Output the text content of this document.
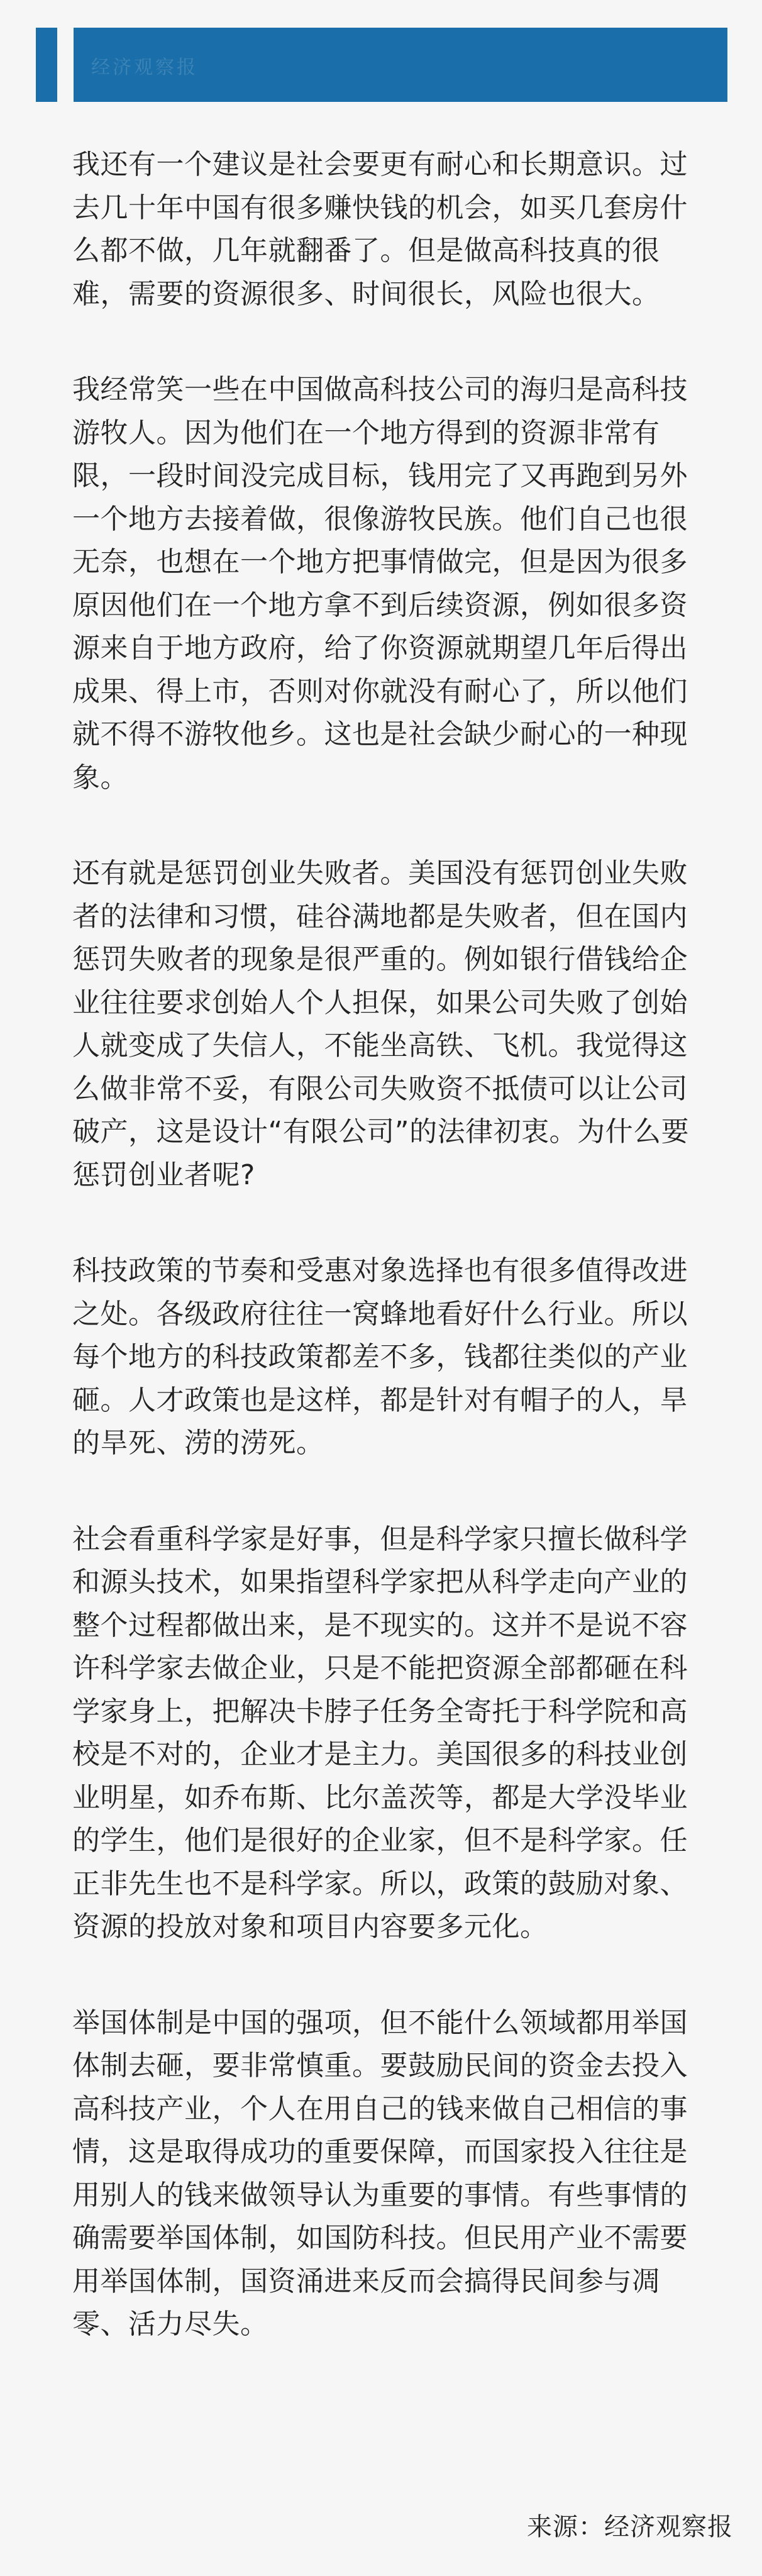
经济观察报

我还有一个建议是社会要更有耐心和长期意识。过去几十年中国有很多赚快钱的机会，如买几套房什么都不做，几年就翻番了。但是做高科技真的很难，需要的资源很多、时间很长，风险也很大。

我经常笑一些在中国做高科技公司的海归是高科技游牧人。因为他们在一个地方得到的资源非常有限，一段时间没完成目标，钱用完了又再跑到另外一个地方去接着做，很像游牧民族。他们自己也很无奈，也想在一个地方把事情做完，但是因为很多原因他们在一个地方拿不到后续资源，例如很多资源来自于地方政府，给了你资源就期望几年后得出成果、得上市，否则对你就没有耐心了，所以他们就不得不游牧他乡。这也是社会缺少耐心的一种现象。

还有就是惩罚创业失败者。美国没有惩罚创业失败者的法律和习惯，硅谷满地都是失败者，但在国内惩罚失败者的现象是很严重的。例如银行借钱给企业往往要求创始人个人担保，如果公司失败了创始人就变成了失信人，不能坐高铁、飞机。我觉得这么做非常不妥，有限公司失败资不抵债可以让公司破产，这是设计“有限公司”的法律初衷。为什么要惩罚创业者呢?

科技政策的节奏和受惠对象选择也有很多值得改进之处。各级政府往往一窝蜂地看好什么行业。所以每个地方的科技政策都差不多，钱都往类似的产业砸。人才政策也是这样，都是针对有帽子的人，旱的旱死、涝的涝死。

社会看重科学家是好事，但是科学家只擅长做科学和源头技术，如果指望科学家把从科学走向产业的整个过程都做出来，是不现实的。这并不是说不容许科学家去做企业，只是不能把资源全部都砸在科学家身上，把解决卡脖子任务全寄托于科学院和高校是不对的，企业才是主力。美国很多的科技业创业明星，如乔布斯、比尔盖茨等，都是大学没毕业的学生，他们是很好的企业家，但不是科学家。任正非先生也不是科学家。所以，政策的鼓励对象、资源的投放对象和项目内容要多元化。

举国体制是中国的强项，但不能什么领域都用举国体制去砸，要非常慎重。要鼓励民间的资金去投入高科技产业，个人在用自己的钱来做自己相信的事情，这是取得成功的重要保障，而国家投入往往是用别人的钱来做领导认为重要的事情。有些事情的确需要举国体制，如国防科技。但民用产业不需要用举国体制，国资涌进来反而会搞得民间参与凋零、活力尽失。

来源：经济观察报
